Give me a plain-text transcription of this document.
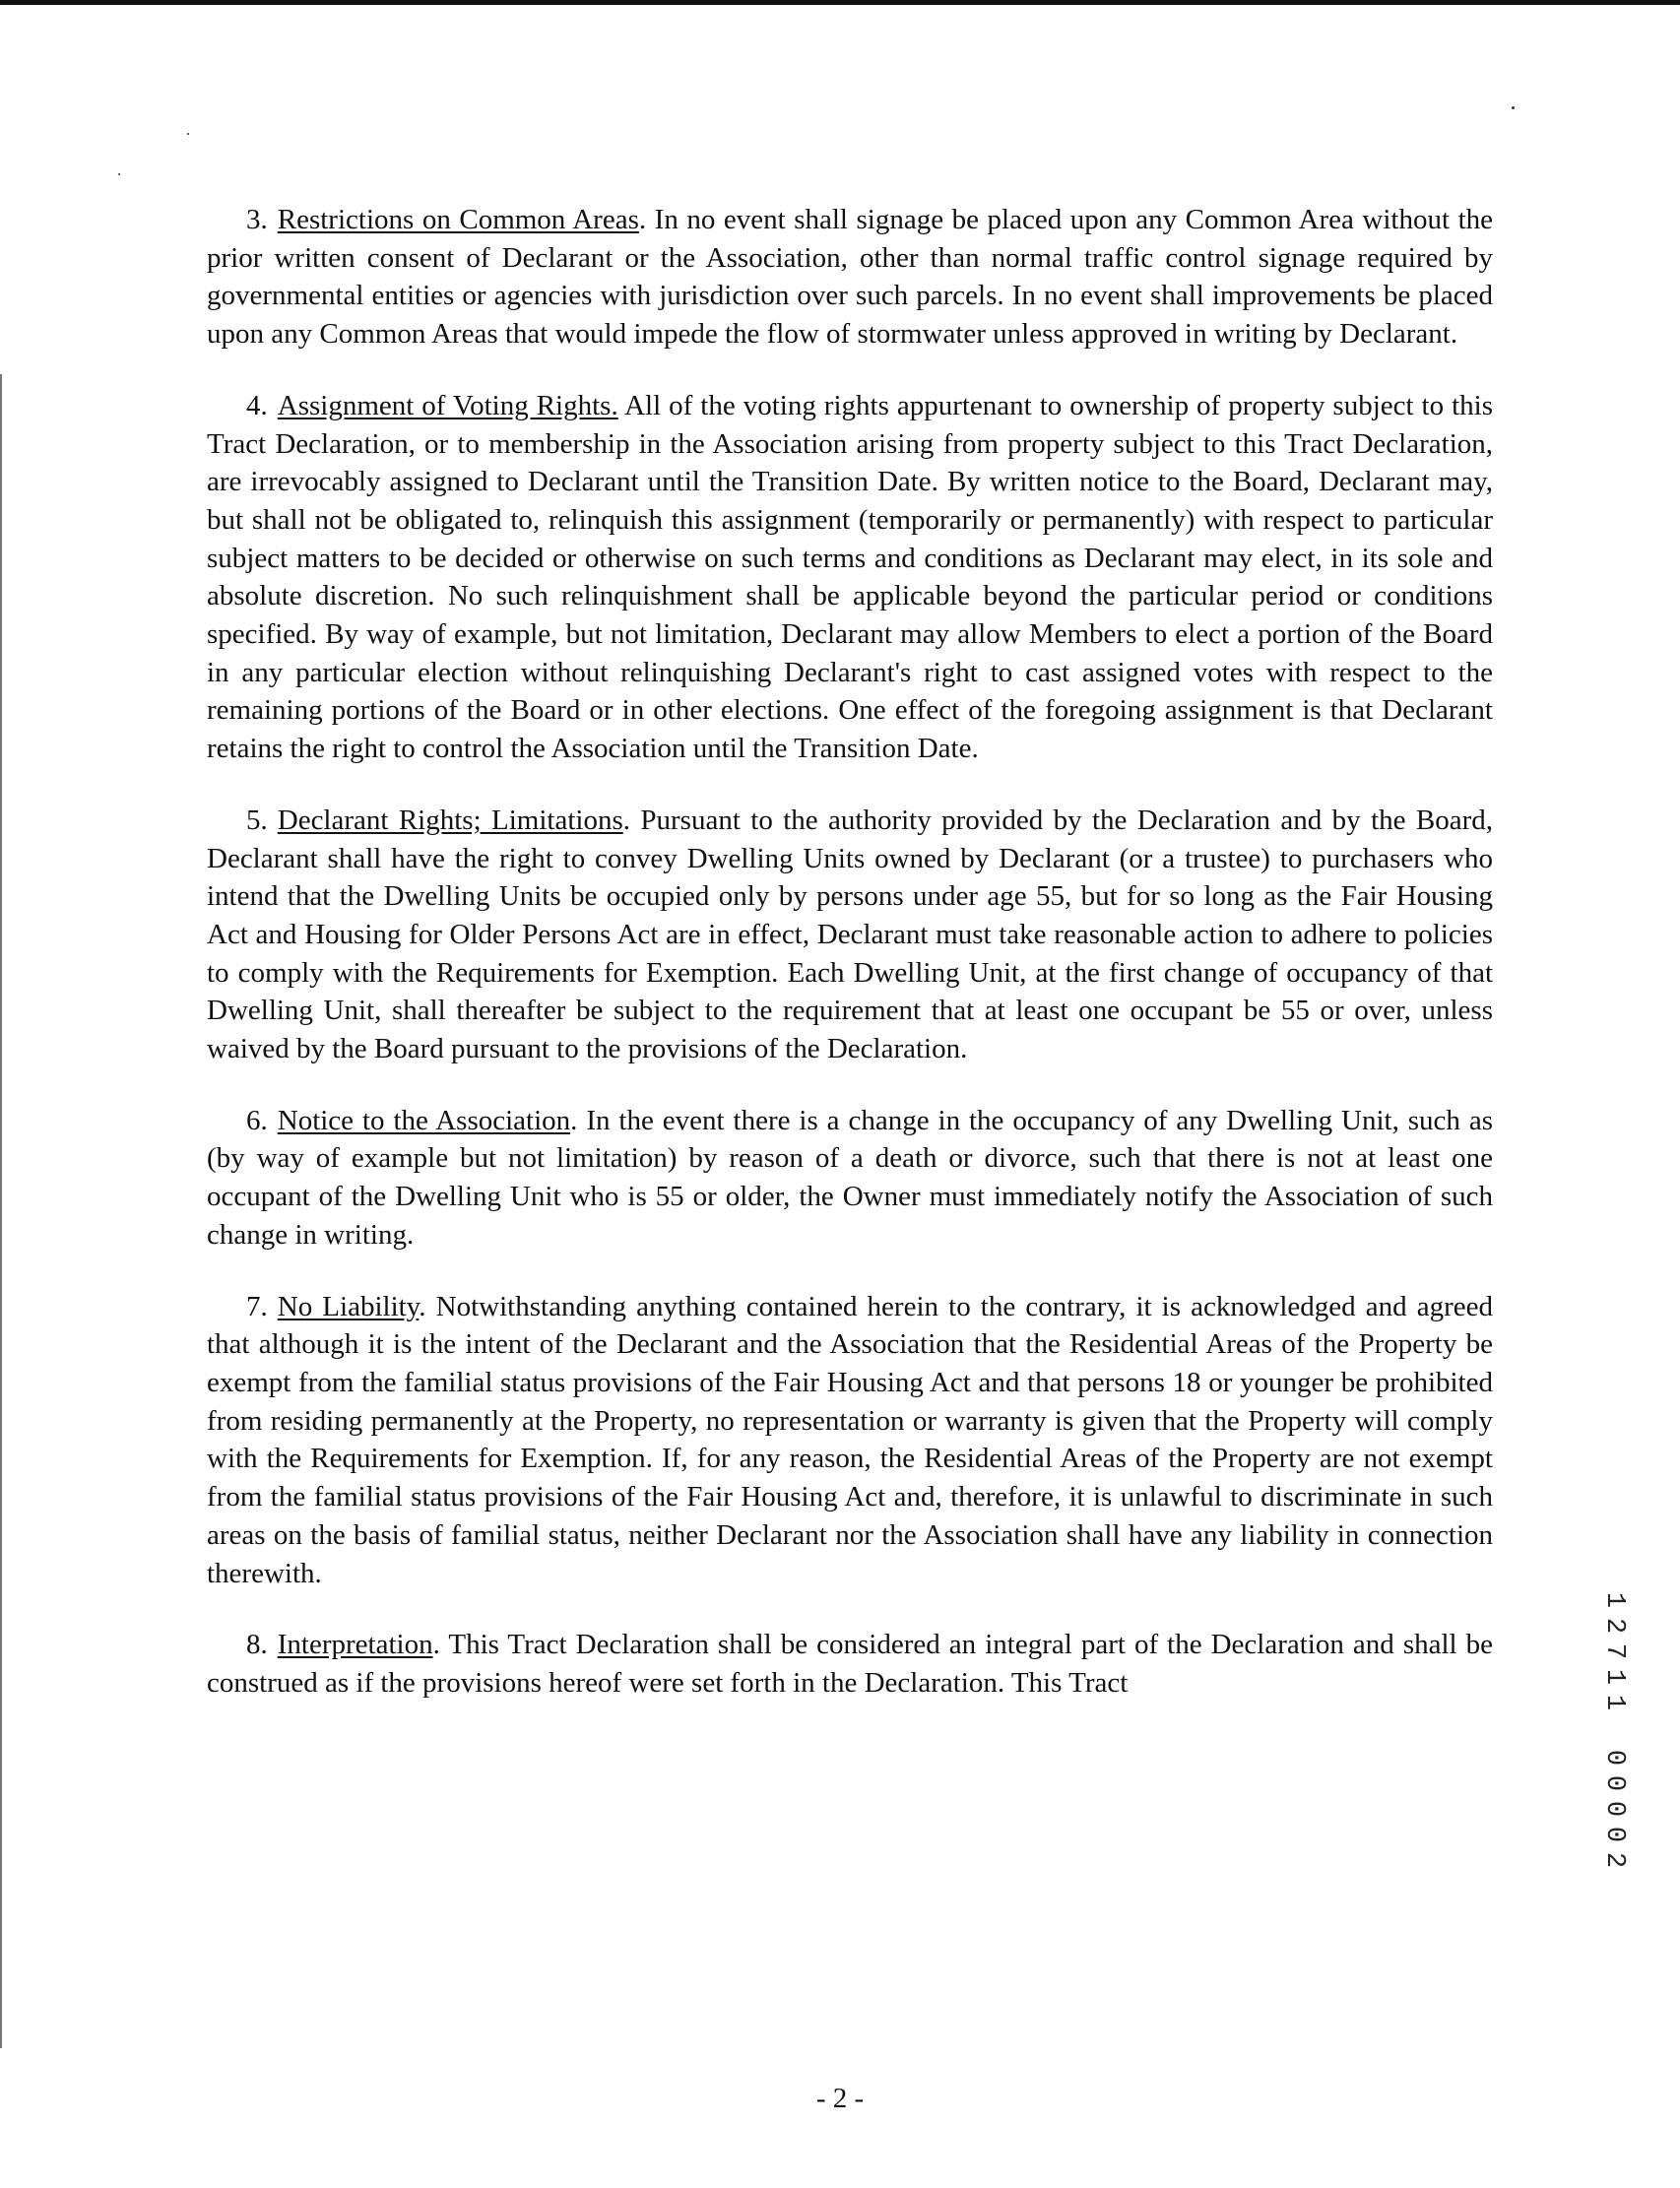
3. Restrictions on Common Areas. In no event shall signage be placed upon any Common Area without the prior written consent of Declarant or the Association, other than normal traffic control signage required by governmental entities or agencies with jurisdiction over such parcels. In no event shall improvements be placed upon any Common Areas that would impede the flow of stormwater unless approved in writing by Declarant.

4. Assignment of Voting Rights. All of the voting rights appurtenant to ownership of property subject to this Tract Declaration, or to membership in the Association arising from property subject to this Tract Declaration, are irrevocably assigned to Declarant until the Transition Date. By written notice to the Board, Declarant may, but shall not be obligated to, relinquish this assignment (temporarily or permanently) with respect to particular subject matters to be decided or otherwise on such terms and conditions as Declarant may elect, in its sole and absolute discretion. No such relinquishment shall be applicable beyond the particular period or conditions specified. By way of example, but not limitation, Declarant may allow Members to elect a portion of the Board in any particular election without relinquishing Declarant's right to cast assigned votes with respect to the remaining portions of the Board or in other elections. One effect of the foregoing assignment is that Declarant retains the right to control the Association until the Transition Date.

5. Declarant Rights; Limitations. Pursuant to the authority provided by the Declaration and by the Board, Declarant shall have the right to convey Dwelling Units owned by Declarant (or a trustee) to purchasers who intend that the Dwelling Units be occupied only by persons under age 55, but for so long as the Fair Housing Act and Housing for Older Persons Act are in effect, Declarant must take reasonable action to adhere to policies to comply with the Requirements for Exemption. Each Dwelling Unit, at the first change of occupancy of that Dwelling Unit, shall thereafter be subject to the requirement that at least one occupant be 55 or over, unless waived by the Board pursuant to the provisions of the Declaration.

6. Notice to the Association. In the event there is a change in the occupancy of any Dwelling Unit, such as (by way of example but not limitation) by reason of a death or divorce, such that there is not at least one occupant of the Dwelling Unit who is 55 or older, the Owner must immediately notify the Association of such change in writing.

7. No Liability. Notwithstanding anything contained herein to the contrary, it is acknowledged and agreed that although it is the intent of the Declarant and the Association that the Residential Areas of the Property be exempt from the familial status provisions of the Fair Housing Act and that persons 18 or younger be prohibited from residing permanently at the Property, no representation or warranty is given that the Property will comply with the Requirements for Exemption. If, for any reason, the Residential Areas of the Property are not exempt from the familial status provisions of the Fair Housing Act and, therefore, it is unlawful to discriminate in such areas on the basis of familial status, neither Declarant nor the Association shall have any liability in connection therewith.

8. Interpretation. This Tract Declaration shall be considered an integral part of the Declaration and shall be construed as if the provisions hereof were set forth in the Declaration. This Tract

1
2
7
1
1
0
0
0
0
2
- 2 -
